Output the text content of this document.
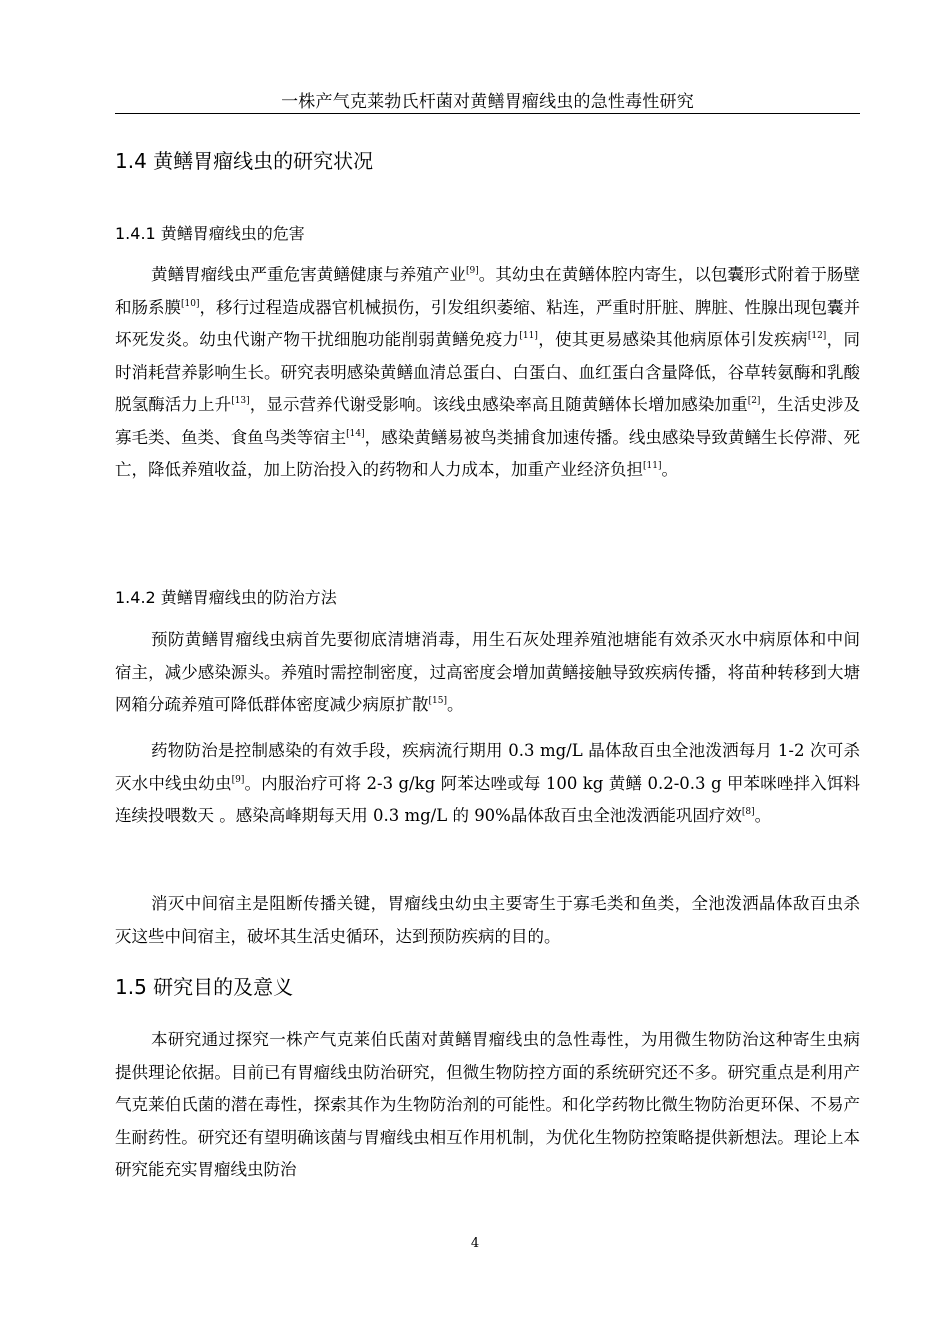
一株产气克莱勃氏杆菌对黄鳝胃瘤线虫的急性毒性研究
1.4 黄鳝胃瘤线虫的研究状况
1.4.1 黄鳝胃瘤线虫的危害

黄鳝胃瘤线虫严重危害黄鳝健康与养殖产业[9]。其幼虫在黄鳝体腔内寄生，以包囊形式附着于肠壁和肠系膜[10]，移行过程造成器官机械损伤，引发组织萎缩、粘连，严重时肝脏、脾脏、性腺出现包囊并坏死发炎。幼虫代谢产物干扰细胞功能削弱黄鳝免疫力[11]，使其更易感染其他病原体引发疾病[12]，同时消耗营养影响生长。研究表明感染黄鳝血清总蛋白、白蛋白、血红蛋白含量降低，谷草转氨酶和乳酸脱氢酶活力上升[13]，显示营养代谢受影响。该线虫感染率高且随黄鳝体长增加感染加重[2]，生活史涉及寡毛类、鱼类、食鱼鸟类等宿主[14]，感染黄鳝易被鸟类捕食加速传播。线虫感染导致黄鳝生长停滞、死亡，降低养殖收益，加上防治投入的药物和人力成本，加重产业经济负担[11]。

1.4.2 黄鳝胃瘤线虫的防治方法

预防黄鳝胃瘤线虫病首先要彻底清塘消毒，用生石灰处理养殖池塘能有效杀灭水中病原体和中间宿主，减少感染源头。养殖时需控制密度，过高密度会增加黄鳝接触导致疾病传播，将苗种转移到大塘网箱分疏养殖可降低群体密度减少病原扩散[15]。

药物防治是控制感染的有效手段，疾病流行期用 0.3 mg/L 晶体敌百虫全池泼洒每月 1-2 次可杀灭水中线虫幼虫[9]。内服治疗可将 2-3 g/kg 阿苯达唑或每 100 kg 黄鳝 0.2-0.3 g 甲苯咪唑拌入饵料连续投喂数天 。感染高峰期每天用 0.3 mg/L 的 90%晶体敌百虫全池泼洒能巩固疗效[8]。

消灭中间宿主是阻断传播关键，胃瘤线虫幼虫主要寄生于寡毛类和鱼类，全池泼洒晶体敌百虫杀灭这些中间宿主，破坏其生活史循环，达到预防疾病的目的。

1.5 研究目的及意义

本研究通过探究一株产气克莱伯氏菌对黄鳝胃瘤线虫的急性毒性，为用微生物防治这种寄生虫病提供理论依据。目前已有胃瘤线虫防治研究，但微生物防控方面的系统研究还不多。研究重点是利用产气克莱伯氏菌的潜在毒性，探索其作为生物防治剂的可能性。和化学药物比微生物防治更环保、不易产生耐药性。研究还有望明确该菌与胃瘤线虫相互作用机制，为优化生物防控策略提供新想法。理论上本研究能充实胃瘤线虫防治

4
